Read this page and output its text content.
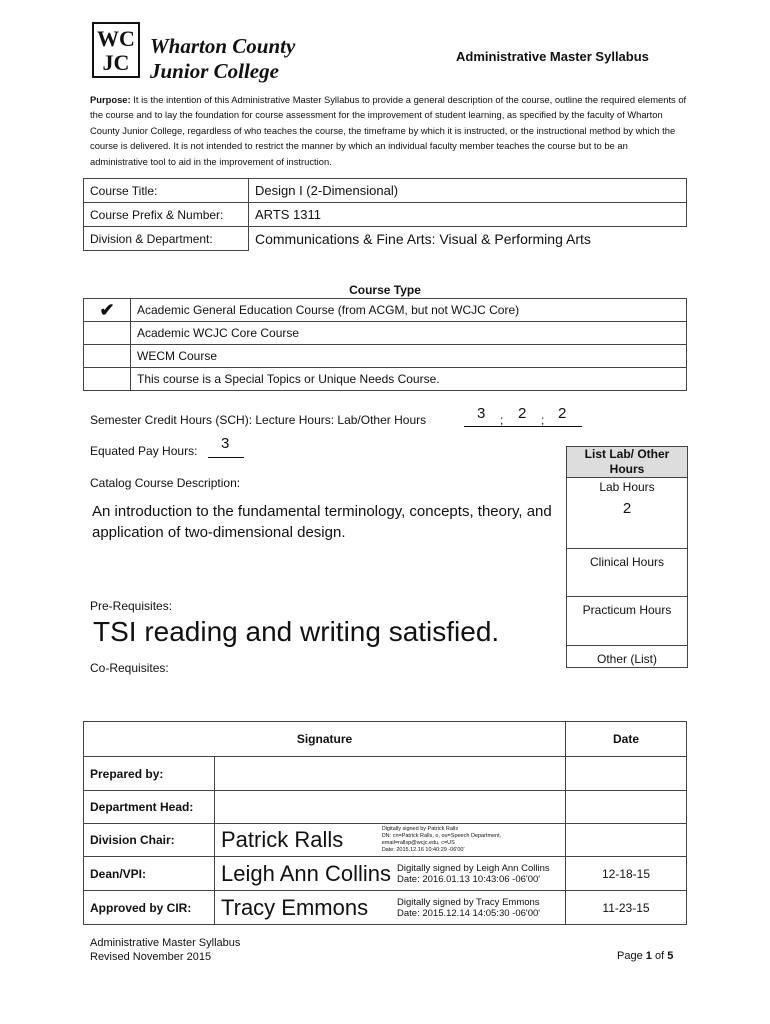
WCJC
Wharton County
Junior College
Administrative Master Syllabus
Purpose: It is the intention of this Administrative Master Syllabus to provide a general description of the course, outline the required elements of the course and to lay the foundation for course assessment for the improvement of student learning, as specified by the faculty of Wharton County Junior College, regardless of who teaches the course, the timeframe by which it is instructed, or the instructional method by which the course is delivered. It is not intended to restrict the manner by which an individual faculty member teaches the course but to be an administrative tool to aid in the improvement of instruction.
Course Title:	Design I (2-Dimensional)
Course Prefix & Number:	ARTS 1311
Division & Department:	Communications & Fine Arts: Visual & Performing Arts
Course Type
✔	Academic General Education Course (from ACGM, but not WCJC Core)
	Academic WCJC Core Course
	WECM Course
	This course is a Special Topics or Unique Needs Course.
Semester Credit Hours (SCH): Lecture Hours: Lab/Other Hours	3 ; 2 ; 2
Equated Pay Hours: 3
Catalog Course Description:
An introduction to the fundamental terminology, concepts, theory, and application of two-dimensional design.
List Lab/ Other Hours
Lab Hours
2
Clinical Hours
Practicum Hours
Other (List)
Pre-Requisites:
TSI reading and writing satisfied.
Co-Requisites:
Signature		Date
Prepared by:		
Department Head:		
Division Chair:	Patrick Ralls Digitally signed by Patrick Ralls
DN: cn=Patrick Ralls, o, ou=Speech Department, email=rallsp@wcjc.edu, c=US
Date: 2015.12.16 10:40:29 -06'00'	

Dean/VPI:	Leigh Ann Collins Digitally signed by Leigh Ann Collins
Date: 2016.01.13 10:43:06 -06'00'	12-18-15
Approved by CIR:	Tracy Emmons Digitally signed by Tracy Emmons
Date: 2015.12.14 14:05:30 -06'00'	11-23-15
Administrative Master Syllabus
Revised November 2015	Page 1 of 5
